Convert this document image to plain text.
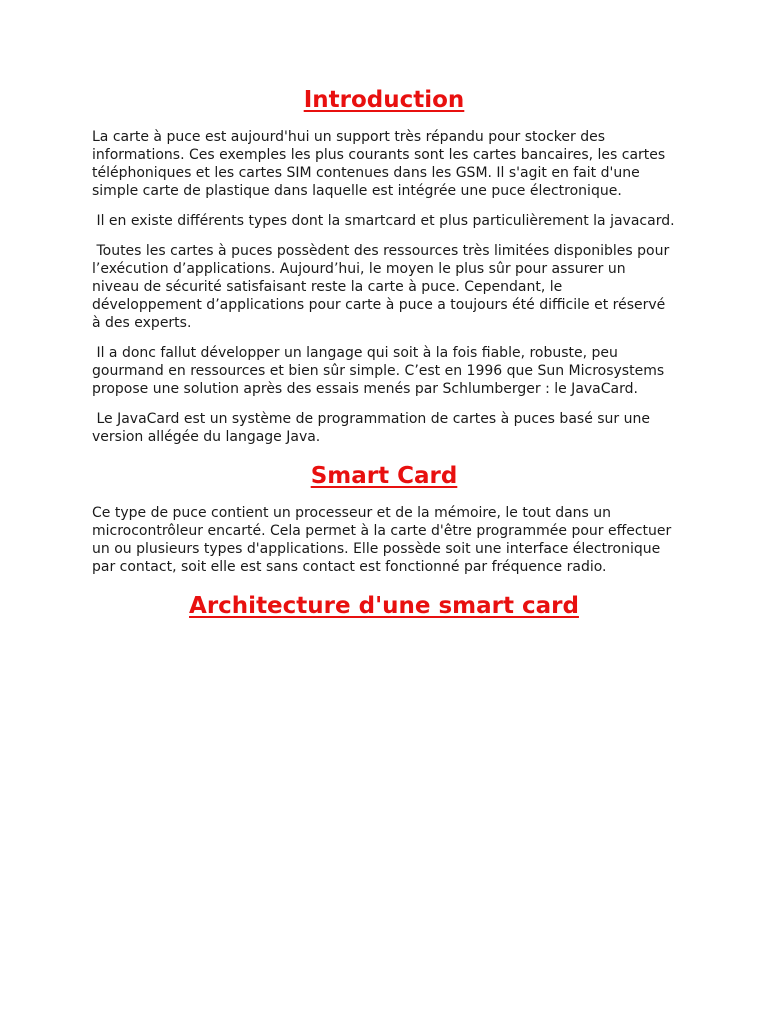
Introduction

La carte à puce est aujourd'hui un support très répandu pour stocker des informations. Ces exemples les plus courants sont les cartes bancaires, les cartes téléphoniques et les cartes SIM contenues dans les GSM. Il s'agit en fait d'une simple carte de plastique dans laquelle est intégrée une puce électronique.

Il en existe différents types dont la smartcard et plus particulièrement la javacard.

Toutes les cartes à puces possèdent des ressources très limitées disponibles pour l’exécution d’applications. Aujourd’hui, le moyen le plus sûr pour assurer un niveau de sécurité satisfaisant reste la carte à puce. Cependant, le développement d’applications pour carte à puce a toujours été difficile et réservé à des experts.

Il a donc fallut développer un langage qui soit à la fois fiable, robuste, peu gourmand en ressources et bien sûr simple. C’est en 1996 que Sun Microsystems propose une solution après des essais menés par Schlumberger : le JavaCard.

Le JavaCard est un système de programmation de cartes à puces basé sur une version allégée du langage Java.

Smart Card

Ce type de puce contient un processeur et de la mémoire, le tout dans un microcontrôleur encarté. Cela permet à la carte d'être programmée pour effectuer un ou plusieurs types d'applications. Elle possède soit une interface électronique par contact, soit elle est sans contact est fonctionné par fréquence radio.

Architecture d'une smart card
